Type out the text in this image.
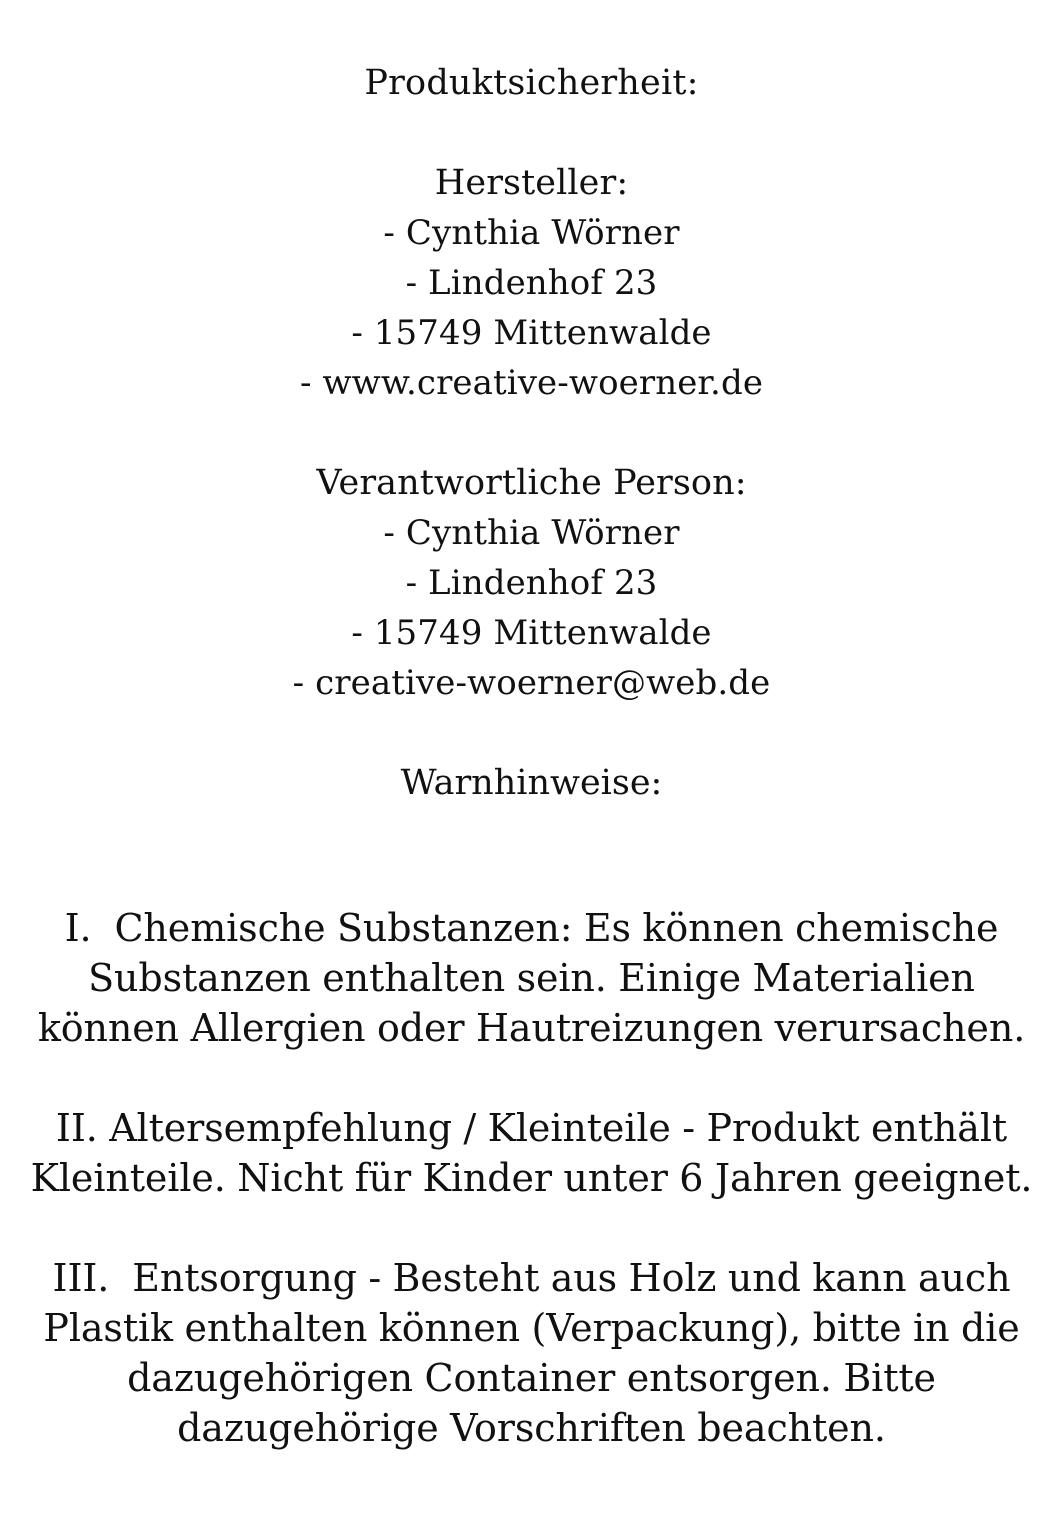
Produktsicherheit:

Hersteller:

- Cynthia Wörner

- Lindenhof 23

- 15749 Mittenwalde

- www.creative-woerner.de

Verantwortliche Person:

- Cynthia Wörner

- Lindenhof 23

- 15749 Mittenwalde

- creative-woerner@web.de

Warnhinweise:

I. Chemische Substanzen: Es können chemische Substanzen enthalten sein. Einige Materialien können Allergien oder Hautreizungen verursachen.
II. Altersempfehlung / Kleinteile - Produkt enthält Kleinteile. Nicht für Kinder unter 6 Jahren geeignet.
III. Entsorgung - Besteht aus Holz und kann auch Plastik enthalten können (Verpackung), bitte in die dazugehörigen Container entsorgen. Bitte dazugehörige Vorschriften beachten.
